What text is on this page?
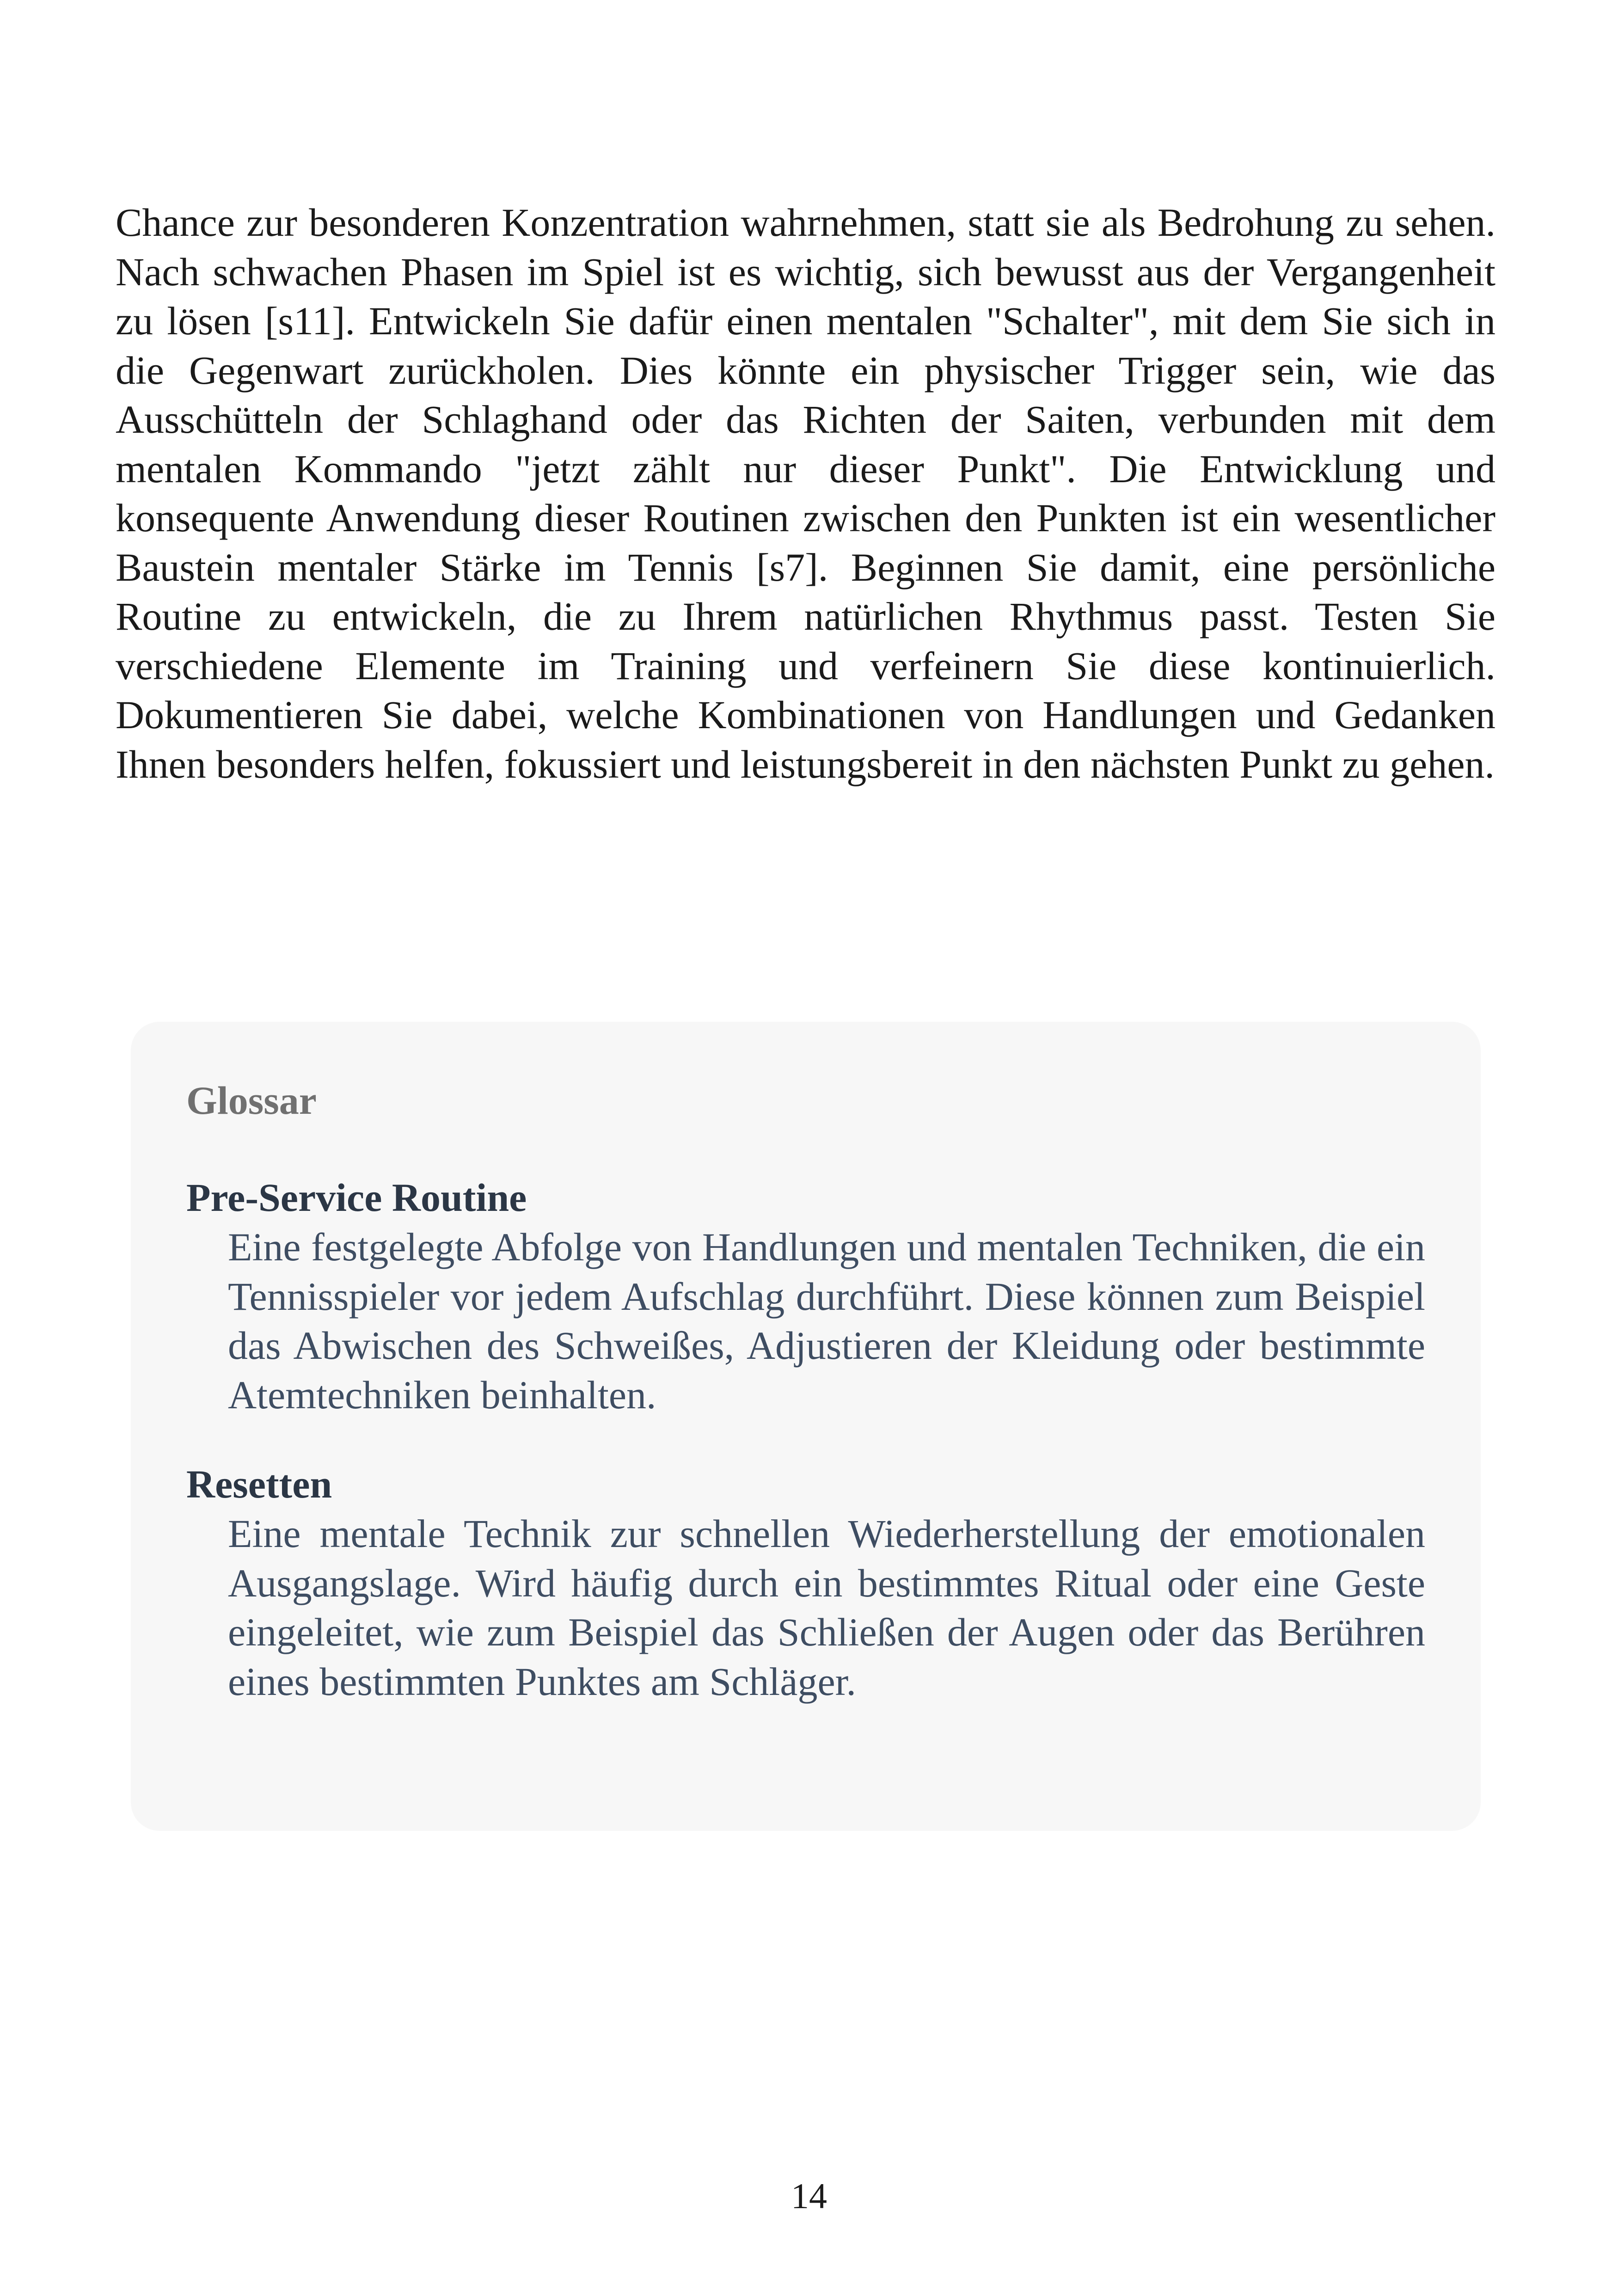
Chance zur besonderen Konzentration wahrnehmen, statt sie als Bedrohung zu sehen. Nach schwachen Phasen im Spiel ist es wichtig, sich bewusst aus der Vergangenheit zu lösen [s11]. Entwickeln Sie dafür einen mentalen "Schalter", mit dem Sie sich in die Gegenwart zurückholen. Dies könnte ein physischer Trigger sein, wie das Ausschütteln der Schlaghand oder das Richten der Saiten, verbunden mit dem mentalen Kommando "jetzt zählt nur dieser Punkt". Die Entwicklung und konsequente Anwendung dieser Routinen zwischen den Punkten ist ein wesentlicher Baustein mentaler Stärke im Tennis [s7]. Beginnen Sie damit, eine persönliche Routine zu entwickeln, die zu Ihrem natürlichen Rhythmus passt. Testen Sie verschiedene Elemente im Training und verfeinern Sie diese kontinuierlich. Dokumentieren Sie dabei, welche Kombinationen von Handlungen und Gedanken Ihnen besonders helfen, fokussiert und leistungsbereit in den nächsten Punkt zu gehen.

Glossar

Pre-Service Routine

Eine festgelegte Abfolge von Handlungen und mentalen Techniken, die ein Tennisspieler vor jedem Aufschlag durchführt. Diese können zum Beispiel das Abwischen des Schweißes, Adjustieren der Kleidung oder bestimmte Atemtechniken beinhalten.

Resetten

Eine mentale Technik zur schnellen Wiederherstellung der emotionalen Ausgangslage. Wird häufig durch ein bestimmtes Ritual oder eine Geste eingeleitet, wie zum Beispiel das Schließen der Augen oder das Berühren eines bestimmten Punktes am Schläger.

14
